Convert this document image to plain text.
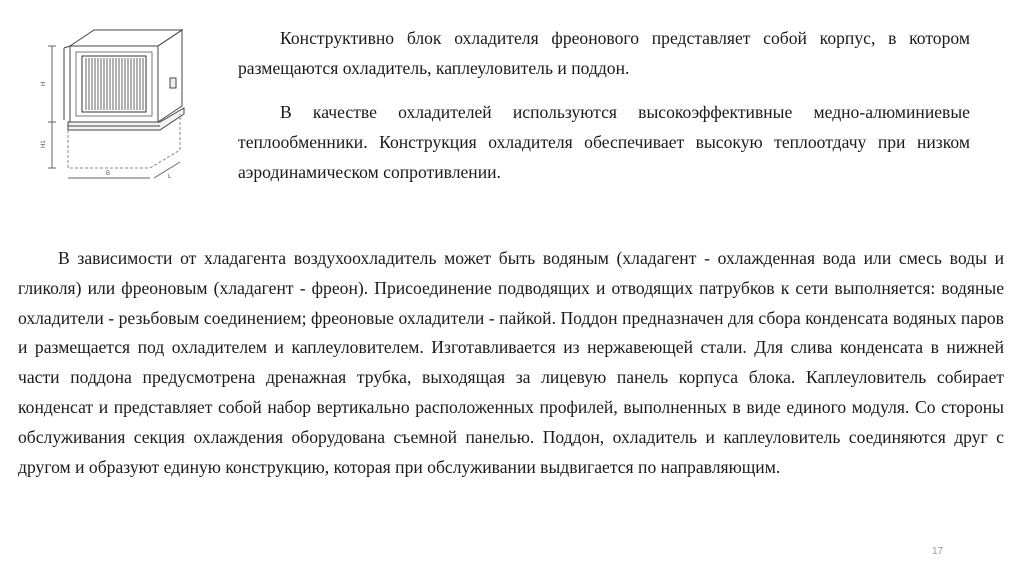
H
H1
B	L

Конструктивно блок охладителя фреонового представляет собой корпус, в котором размещаются охладитель, каплеуловитель и поддон.

В качестве охладителей используются высокоэффективные медно-алюминиевые теплообменники. Конструкция охладителя обеспечивает высокую теплоотдачу при низком аэродинамическом сопротивлении.

В зависимости от хладагента воздухоохладитель может быть водяным (хладагент - охлажденная вода или смесь воды и гликоля) или фреоновым (хладагент - фреон). Присоединение подводящих и отводящих патрубков к сети выполняется: водяные охладители - резьбовым соединением; фреоновые охладители - пайкой. Поддон предназначен для сбора конденсата водяных паров и размещается под охладителем и каплеуловителем. Изготавливается из нержавеющей стали. Для слива конденсата в нижней части поддона предусмотрена дренажная трубка, выходящая за лицевую панель корпуса блока. Каплеуловитель собирает конденсат и представляет собой набор вертикально расположенных профилей, выполненных в виде единого модуля. Со стороны обслуживания секция охлаждения оборудована съемной панелью. Поддон, охладитель и каплеуловитель соединяются друг с другом и образуют единую конструкцию, которая при обслуживании выдвигается по направляющим.

17
